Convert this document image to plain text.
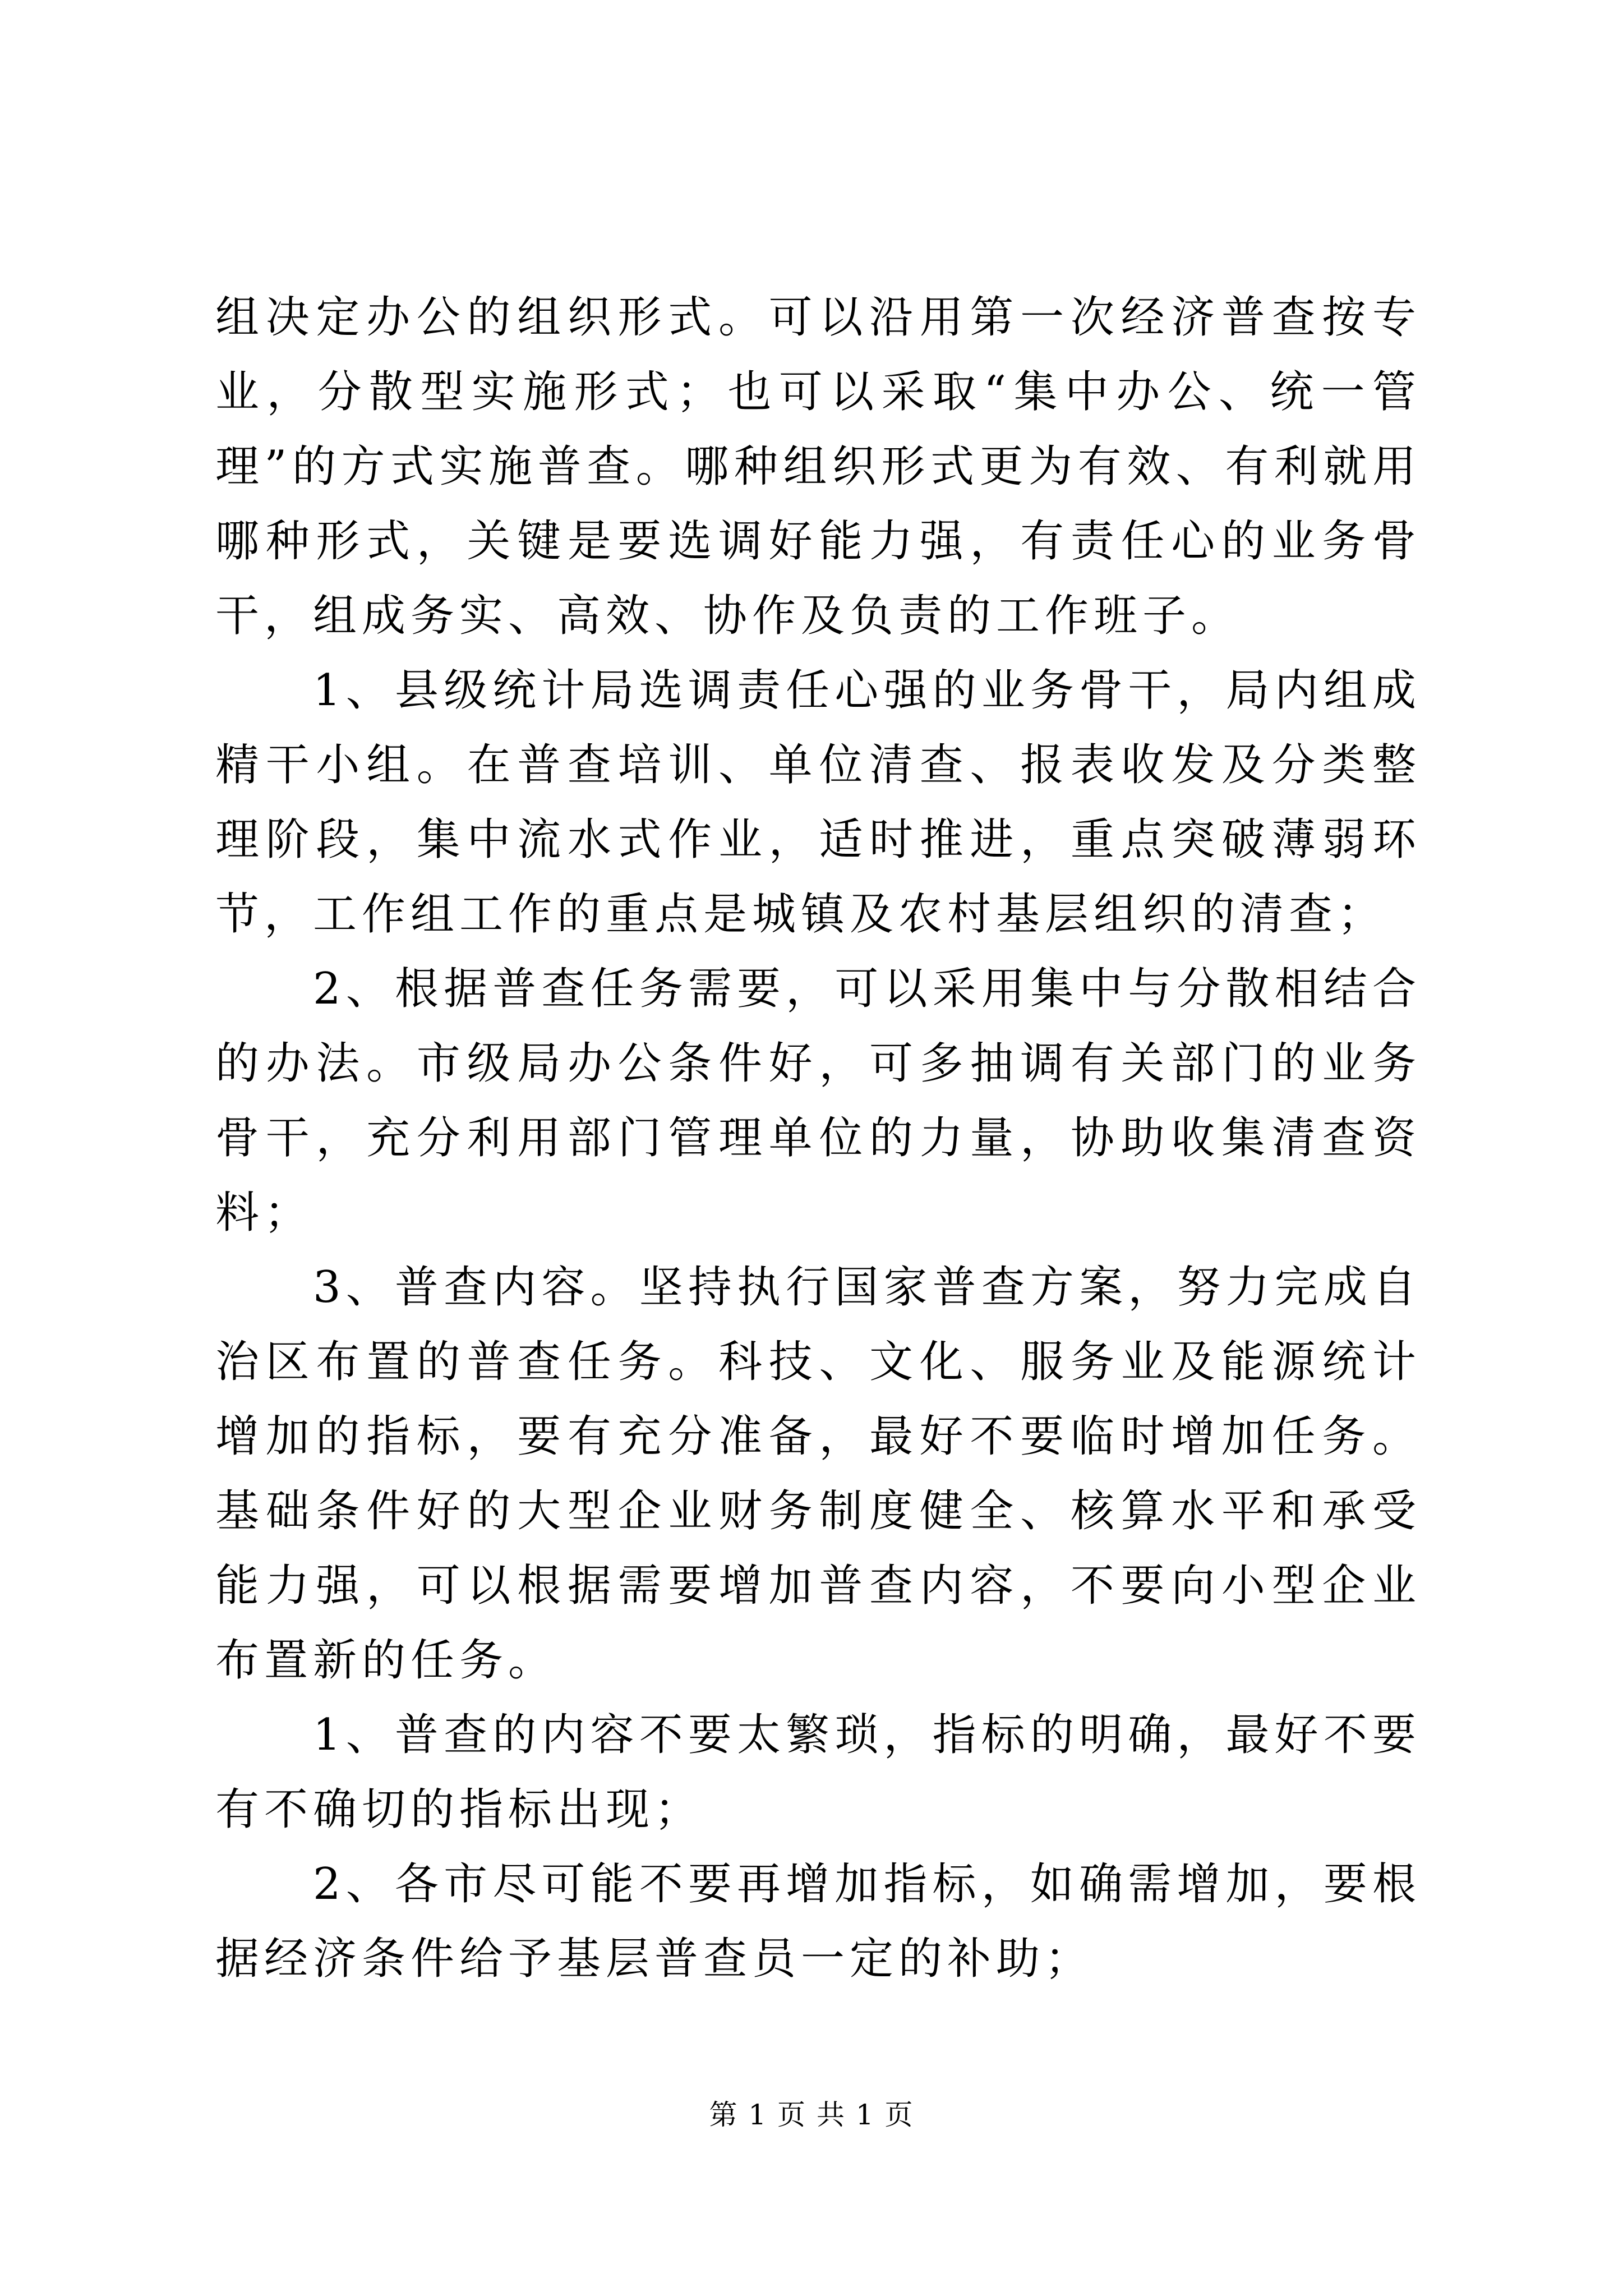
组决定办公的组织形式。可以沿用第一次经济普查按专业，分散型实施形式；也可以采取“集中办公、统一管理”的方式实施普查。哪种组织形式更为有效、有利就用哪种形式，关键是要选调好能力强，有责任心的业务骨干，组成务实、高效、协作及负责的工作班子。

1、县级统计局选调责任心强的业务骨干，局内组成精干小组。在普查培训、单位清查、报表收发及分类整理阶段，集中流水式作业，适时推进，重点突破薄弱环节，工作组工作的重点是城镇及农村基层组织的清查；

2、根据普查任务需要，可以采用集中与分散相结合的办法。市级局办公条件好，可多抽调有关部门的业务骨干，充分利用部门管理单位的力量，协助收集清查资料；

3、普查内容。坚持执行国家普查方案，努力完成自治区布置的普查任务。科技、文化、服务业及能源统计增加的指标，要有充分准备，最好不要临时增加任务。基础条件好的大型企业财务制度健全、核算水平和承受能力强，可以根据需要增加普查内容，不要向小型企业布置新的任务。

1、普查的内容不要太繁琐，指标的明确，最好不要有不确切的指标出现；

2、各市尽可能不要再增加指标，如确需增加，要根据经济条件给予基层普查员一定的补助；

第 1 页 共 1 页
